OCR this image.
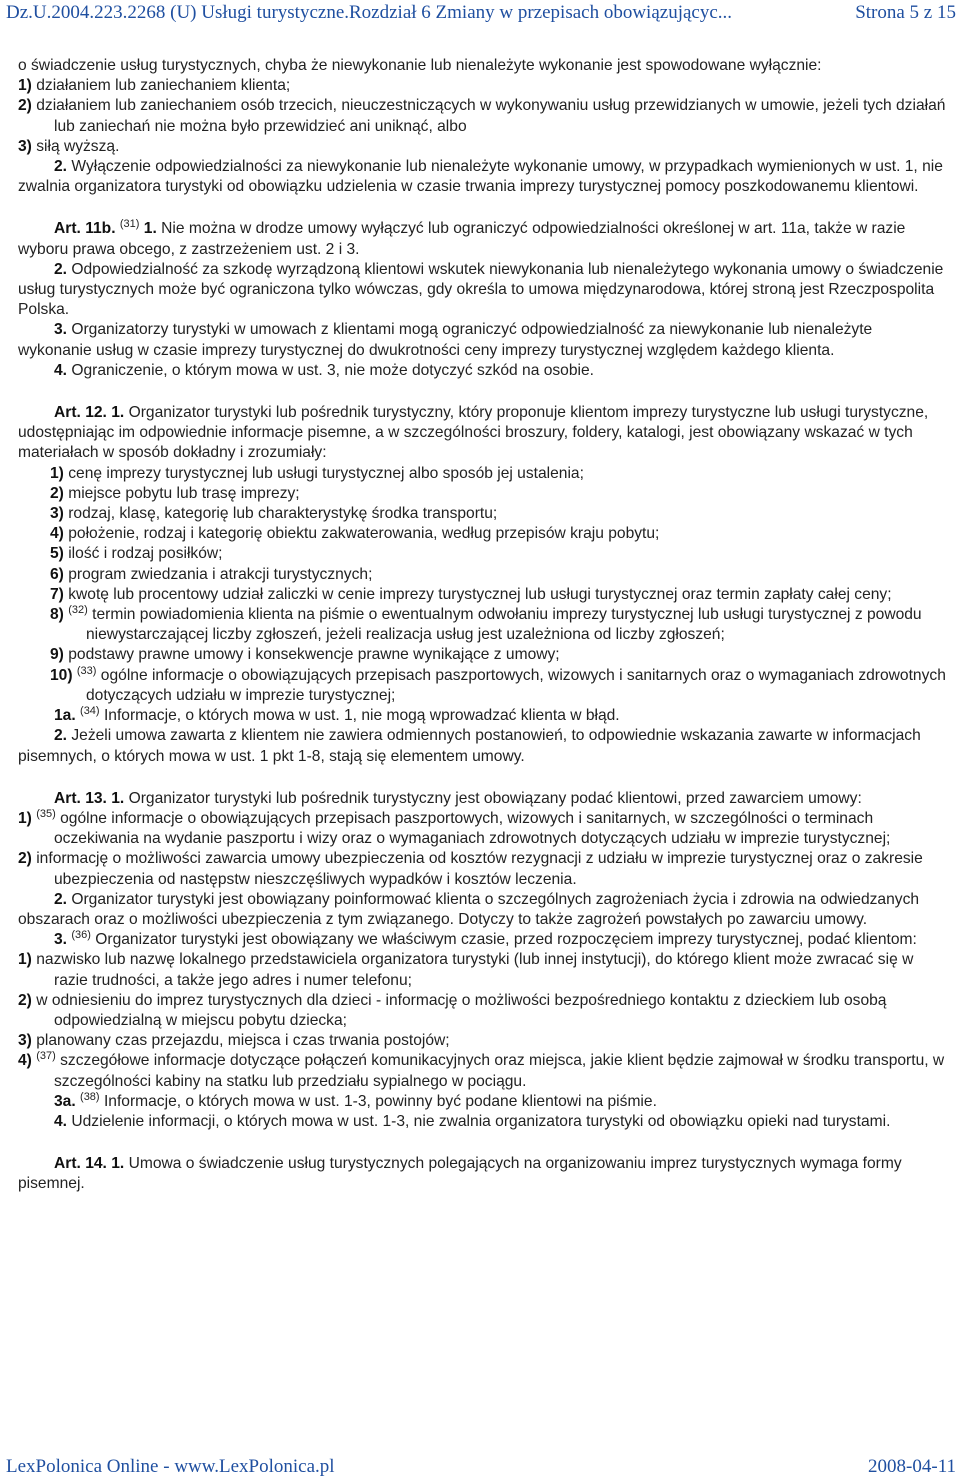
Dz.U.2004.223.2268 (U) Usługi turystyczne.Rozdział 6 Zmiany w przepisach obowiązującyc...	Strona 5 z 15

o świadczenie usług turystycznych, chyba że niewykonanie lub nienależyte wykonanie jest spowodowane wyłącznie:

1) działaniem lub zaniechaniem klienta;

2) działaniem lub zaniechaniem osób trzecich, nieuczestniczących w wykonywaniu usług przewidzianych w umowie, jeżeli tych działań lub zaniechań nie można było przewidzieć ani uniknąć, albo

3) siłą wyższą.

2. Wyłączenie odpowiedzialności za niewykonanie lub nienależyte wykonanie umowy, w przypadkach wymienionych w ust. 1, nie zwalnia organizatora turystyki od obowiązku udzielenia w czasie trwania imprezy turystycznej pomocy poszkodowanemu klientowi.

Art. 11b. $^{(31)}$ 1. Nie można w drodze umowy wyłączyć lub ograniczyć odpowiedzialności określonej w art. 11a, także w razie wyboru prawa obcego, z zastrzeżeniem ust. 2 i 3.

2. Odpowiedzialność za szkodę wyrządzoną klientowi wskutek niewykonania lub nienależytego wykonania umowy o świadczenie usług turystycznych może być ograniczona tylko wówczas, gdy określa to umowa międzynarodowa, której stroną jest Rzeczpospolita Polska.

3. Organizatorzy turystyki w umowach z klientami mogą ograniczyć odpowiedzialność za niewykonanie lub nienależyte wykonanie usług w czasie imprezy turystycznej do dwukrotności ceny imprezy turystycznej względem każdego klienta.

4. Ograniczenie, o którym mowa w ust. 3, nie może dotyczyć szkód na osobie.

Art. 12. 1. Organizator turystyki lub pośrednik turystyczny, który proponuje klientom imprezy turystyczne lub usługi turystyczne, udostępniając im odpowiednie informacje pisemne, a w szczególności broszury, foldery, katalogi, jest obowiązany wskazać w tych materiałach w sposób dokładny i zrozumiały:

1) cenę imprezy turystycznej lub usługi turystycznej albo sposób jej ustalenia;

2) miejsce pobytu lub trasę imprezy;

3) rodzaj, klasę, kategorię lub charakterystykę środka transportu;

4) położenie, rodzaj i kategorię obiektu zakwaterowania, według przepisów kraju pobytu;

5) ilość i rodzaj posiłków;

6) program zwiedzania i atrakcji turystycznych;

7) kwotę lub procentowy udział zaliczki w cenie imprezy turystycznej lub usługi turystycznej oraz termin zapłaty całej ceny;

8) $^{(32)}$ termin powiadomienia klienta na piśmie o ewentualnym odwołaniu imprezy turystycznej lub usługi turystycznej z powodu niewystarczającej liczby zgłoszeń, jeżeli realizacja usług jest uzależniona od liczby zgłoszeń;

9) podstawy prawne umowy i konsekwencje prawne wynikające z umowy;

10) $^{(33)}$ ogólne informacje o obowiązujących przepisach paszportowych, wizowych i sanitarnych oraz o wymaganiach zdrowotnych dotyczących udziału w imprezie turystycznej;

1a. $^{(34)}$ Informacje, o których mowa w ust. 1, nie mogą wprowadzać klienta w błąd.

2. Jeżeli umowa zawarta z klientem nie zawiera odmiennych postanowień, to odpowiednie wskazania zawarte w informacjach pisemnych, o których mowa w ust. 1 pkt 1-8, stają się elementem umowy.

Art. 13. 1. Organizator turystyki lub pośrednik turystyczny jest obowiązany podać klientowi, przed zawarciem umowy:

1) $^{(35)}$ ogólne informacje o obowiązujących przepisach paszportowych, wizowych i sanitarnych, w szczególności o terminach oczekiwania na wydanie paszportu i wizy oraz o wymaganiach zdrowotnych dotyczących udziału w imprezie turystycznej;

2) informację o możliwości zawarcia umowy ubezpieczenia od kosztów rezygnacji z udziału w imprezie turystycznej oraz o zakresie ubezpieczenia od następstw nieszczęśliwych wypadków i kosztów leczenia.

2. Organizator turystyki jest obowiązany poinformować klienta o szczególnych zagrożeniach życia i zdrowia na odwiedzanych obszarach oraz o możliwości ubezpieczenia z tym związanego. Dotyczy to także zagrożeń powstałych po zawarciu umowy.

3. $^{(36)}$ Organizator turystyki jest obowiązany we właściwym czasie, przed rozpoczęciem imprezy turystycznej, podać klientom:

1) nazwisko lub nazwę lokalnego przedstawiciela organizatora turystyki (lub innej instytucji), do którego klient może zwracać się w razie trudności, a także jego adres i numer telefonu;

2) w odniesieniu do imprez turystycznych dla dzieci - informację o możliwości bezpośredniego kontaktu z dzieckiem lub osobą odpowiedzialną w miejscu pobytu dziecka;

3) planowany czas przejazdu, miejsca i czas trwania postojów;

4) $^{(37)}$ szczegółowe informacje dotyczące połączeń komunikacyjnych oraz miejsca, jakie klient będzie zajmował w środku transportu, w szczególności kabiny na statku lub przedziału sypialnego w pociągu.

3a. $^{(38)}$ Informacje, o których mowa w ust. 1-3, powinny być podane klientowi na piśmie.

4. Udzielenie informacji, o których mowa w ust. 1-3, nie zwalnia organizatora turystyki od obowiązku opieki nad turystami.

Art. 14. 1. Umowa o świadczenie usług turystycznych polegających na organizowaniu imprez turystycznych wymaga formy pisemnej.

LexPolonica Online - www.LexPolonica.pl	2008-04-11
